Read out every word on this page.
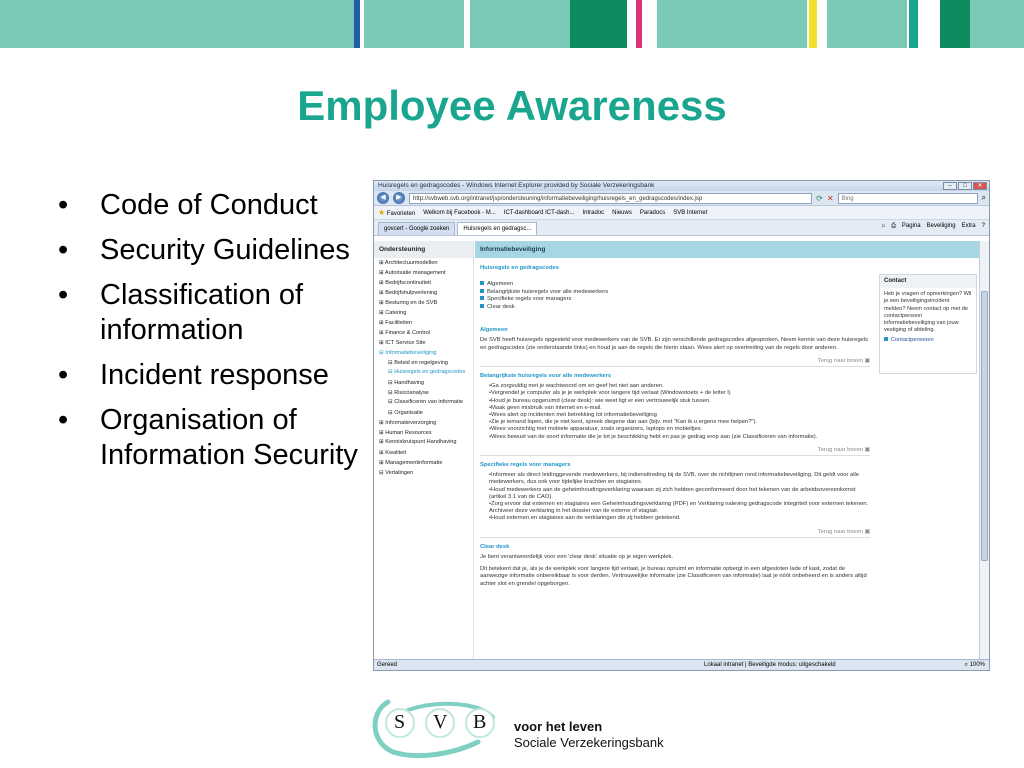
Employee Awareness
• Code of Conduct
• Security Guidelines
• Classification of information
• Incident response
• Organisation of Information Security
Huisregels en gedragscodes - Windows Internet Explorer provided by Sociale Verzekeringsbank	–	□	✕
◀	▶	http://svbweb.svb.org/intranet/jsp/ondersteuning/informatiebeveiliging/huisregels_en_gedragscodes/index.jsp	⟳ ✕	Bing	⌕
★ Favorieten Welkom bij Facebook - M... ICT-dashboard ICT-dash... Intradoc Nieuws Paradocs SVB Internet
govcert - Google zoeken	Huisregels en gedragsc...	⌂ ⎙ Pagina Beveiliging Extra ?
Ondersteuning
⊞ Architectuurmodellen
⊞ Autorisatie management
⊞ Bedrijfscontinuïteit
⊞ Bedrijfshulpverlening
⊞ Besturing en de SVB
⊞ Catering
⊞ Faciliteiten
⊞ Finance & Control
⊞ ICT Service Site
⊟ Informatiebeveiliging
⊟ Beleid en regelgeving
⊟ Huisregels en gedragscodes
⊟ Handhaving
⊟ Risicoanalyse
⊟ Classificeren van informatie
⊟ Organisatie
⊞ Informatieverzorging
⊞ Human Resources
⊞ Kenniskruispunt Handhaving
⊞ Kwaliteit
⊞ Managementinformatie
⊟ Vertalingen
Informatiebeveiliging
Huisregels en gedragscodes
Algemeen
Belangrijkste huisregels voor alle medewerkers
Specifieke regels voor managers
Clear desk
Algemeen

De SVB heeft huisregels opgesteld voor medewerkers van de SVB. Er zijn verschillende gedragscodes afgesproken. Neem kennis van deze huisregels en gedragscodes (zie onderstaande links) en houd je aan de regels die hierin staan. Wees alert op overtreding van de regels door anderen.

Terug naar boven ▣
Belangrijkste huisregels voor alle medewerkers
• Ga zorgvuldig met je wachtwoord om en geef het niet aan anderen.
• Vergrendel je computer als je je werkplek voor langere tijd verlaat (Windowstoets + de letter l)
• Houd je bureau opgeruimd (clear desk): wie weet ligt er een vertrouwelijk stuk tussen.
• Maak geen misbruik van internet en e-mail.
• Wees alert op incidenten met betrekking tot informatiebeveiliging
• Zie je iemand lopen, die je niet kent, spreek diegene dan aan (bijv. met "Kan ik u ergens mee helpen?").
• Wees voorzichtig met mobiele apparatuur, zoals organizers, laptops en mobieltjes.
• Wees bewust van de soort informatie die je tot je beschikking hebt en pas je gedrag erop aan (zie Classificeren van informatie).
Terug naar boven ▣
Specifieke regels voor managers
• Informeer als direct leidinggevende medewerkers, bij indiensttreding bij de SVB, over de richtlijnen rond informatiebeveiliging. Dit geldt voor alle medewerkers, dus ook voor tijdelijke krachten en stagiaires.
• Houd medewerkers aan de geheimhoudingsverklaring waaraan zij zich hebben geconformeerd door het tekenen van de arbeidsovereenkomst (artikel 3.1 van de CAO).
• Zorg ervoor dat externen en stagiaires een Geheimhoudingsverklaring (PDF) en Verklaring naleving gedragscode integriteit voor externen tekenen. Archiveer deze verklaring in het dossier van de externe of stagiair.
• Houd externen en stagiaires aan de verklaringen die zij hebben getekend.
Terug naar boven ▣
Clear desk

Je bent verantwoordelijk voor een 'clear desk' situatie op je eigen werkplek.

Dit betekent dat je, als je de werkplek voor langere tijd verlaat, je bureau opruimt en informatie opbergt in een afgesloten lade of kast, zodat de aanwezige informatie onbereikbaar is voor derden. Vertrouwelijke informatie (zie Classificeren van informatie) laat je nóót onbeheerd en is anders altijd achter slot en grendel opgeborgen.

Contact

Heb je vragen of opmerkingen? Wil je een beveiligingsincident melden? Neem contact op met de contactpersoon informatiebeveiliging van jouw vestiging of afdeling.

Contactpersonen
Gereed	Lokaal intranet | Beveiligde modus: uitgeschakeld	⌕ 100%
S V B voor het leven
Sociale Verzekeringsbank
